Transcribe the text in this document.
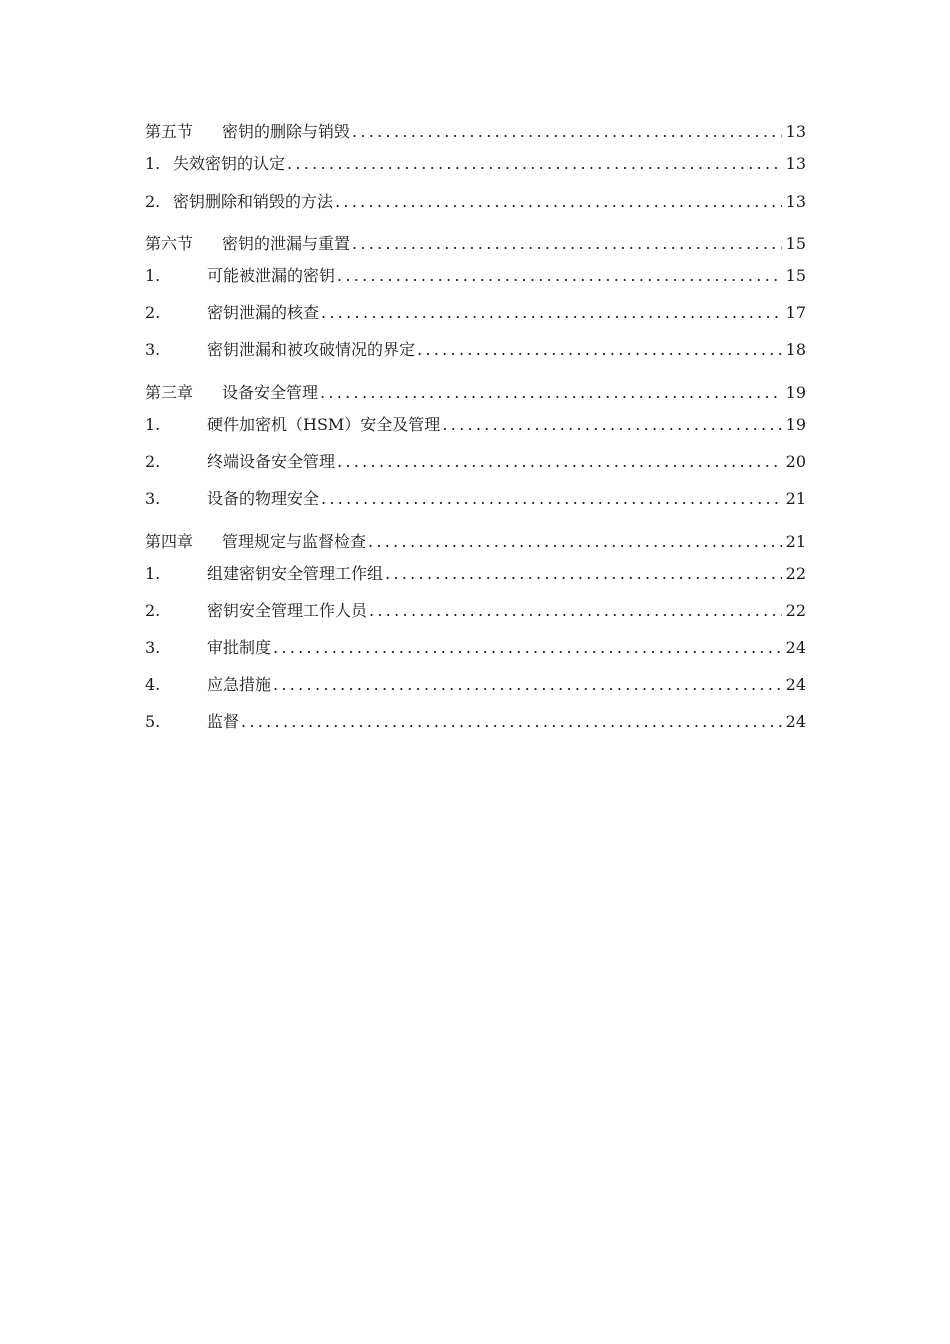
第五节	密钥的删除与销毁 .....	13
1. 失效密钥的认定 .....	13
2. 密钥删除和销毁的方法 .....	13
第六节	密钥的泄漏与重置 .....	15
1.	可能被泄漏的密钥 .....	15
2.	密钥泄漏的核查 .....	17
3.	密钥泄漏和被攻破情况的界定 .....	18
第三章	设备安全管理 .....	19
1.	硬件加密机（HSM）安全及管理 .....	19
2.	终端设备安全管理 .....	20
3.	设备的物理安全 .....	21
第四章	管理规定与监督检查 .....	21
1.	组建密钥安全管理工作组 .....	22
2.	密钥安全管理工作人员 .....	22
3.	审批制度 .....	24
4.	应急措施 .....	24
5.	监督 .....	24
